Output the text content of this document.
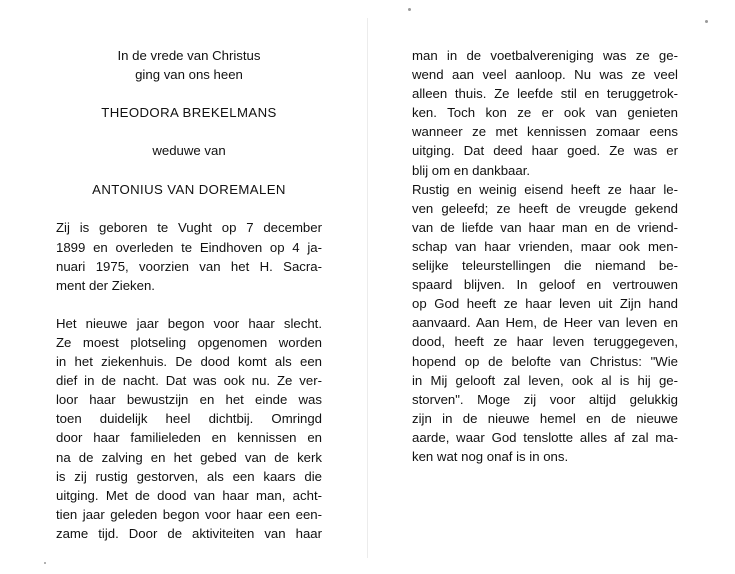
In de vrede van Christus
ging van ons heen
THEODORA BREKELMANS
weduwe van
ANTONIUS VAN DOREMALEN
Zij is geboren te Vught op 7 december
1899 en overleden te Eindhoven op 4 ja-
nuari 1975, voorzien van het H. Sacra-
ment der Zieken.
Het nieuwe jaar begon voor haar slecht.
Ze moest plotseling opgenomen worden
in het ziekenhuis. De dood komt als een
dief in de nacht. Dat was ook nu. Ze ver-
loor haar bewustzijn en het einde was
toen duidelijk heel dichtbij. Omringd
door haar familieleden en kennissen en
na de zalving en het gebed van de kerk
is zij rustig gestorven, als een kaars die
uitging. Met de dood van haar man, acht-
tien jaar geleden begon voor haar een een-
zame tijd. Door de aktiviteiten van haar
man in de voetbalvereniging was ze ge-
wend aan veel aanloop. Nu was ze veel
alleen thuis. Ze leefde stil en teruggetrok-
ken. Toch kon ze er ook van genieten
wanneer ze met kennissen zomaar eens
uitging. Dat deed haar goed. Ze was er
blij om en dankbaar.
Rustig en weinig eisend heeft ze haar le-
ven geleefd; ze heeft de vreugde gekend
van de liefde van haar man en de vriend-
schap van haar vrienden, maar ook men-
selijke teleurstellingen die niemand be-
spaard blijven. In geloof en vertrouwen
op God heeft ze haar leven uit Zijn hand
aanvaard. Aan Hem, de Heer van leven en
dood, heeft ze haar leven teruggegeven,
hopend op de belofte van Christus: "Wie
in Mij gelooft zal leven, ook al is hij ge-
storven". Moge zij voor altijd gelukkig
zijn in de nieuwe hemel en de nieuwe
aarde, waar God tenslotte alles af zal ma-
ken wat nog onaf is in ons.
